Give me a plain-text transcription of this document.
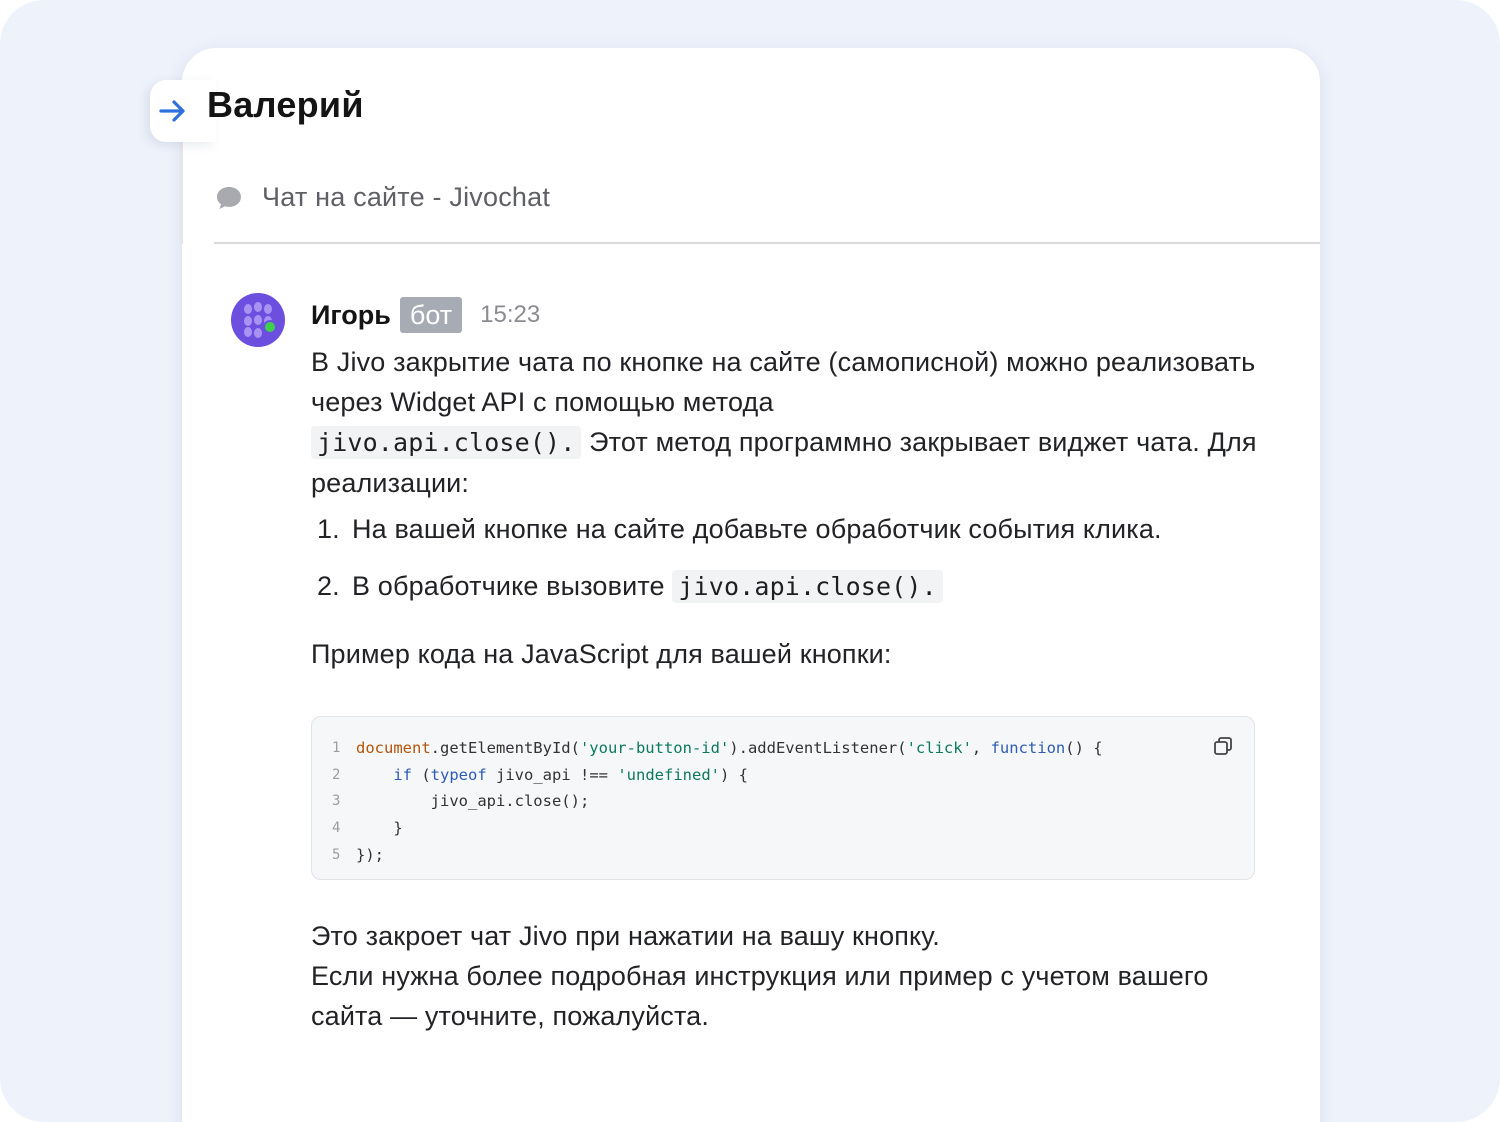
Валерий
Чат на сайте - Jivochat
Игорь бот	15:23
В Jivo закрытие чата по кнопке на сайте (самописной) можно реализовать через Widget API с помощью метода
jivo.api.close(). Этот метод программно закрывает виджет чата. Для реализации:
1. На вашей кнопке на сайте добавьте обработчик события клика.
2. В обработчике вызовите jivo.api.close().
Пример кода на JavaScript для вашей кнопки:
1	document .getElementById( 'your-button-id' ).addEventListener( 'click' , function () {
2
	if ( typeof jivo_api !== 'undefined' ) {
3	jivo_api.close();
4	}
5	});
Это закроет чат Jivo при нажатии на вашу кнопку.
Если нужна более подробная инструкция или пример с учетом вашего сайта — уточните, пожалуйста.
